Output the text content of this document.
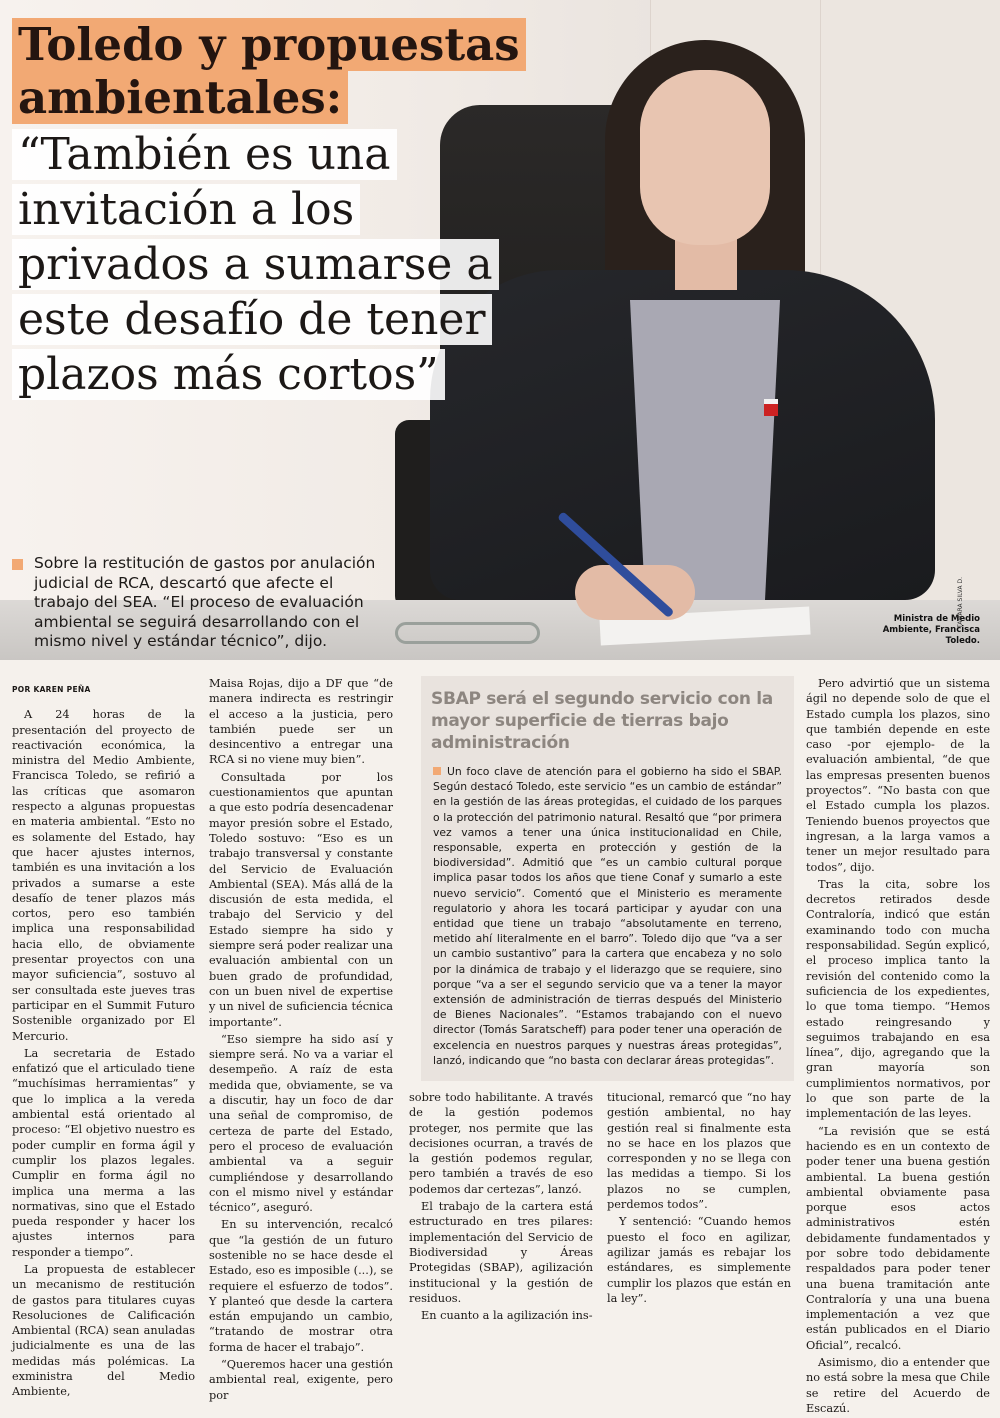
Toledo y propuestas
ambientales:
“También es una
invitación a los
privados a sumarse a
este desafío de tener
plazos más cortos”
Sobre la restitución de gastos por anulación judicial de RCA, descartó que afecte el trabajo del SEA. “El proceso de evaluación ambiental se seguirá desarrollando con el mismo nivel y estándar técnico”, dijo.
Ministra de Medio Ambiente, Francisca Toledo.
TAMARA SILVA D.

POR KAREN PEÑA

A 24 horas de la presentación del proyecto de reactivación económica, la ministra del Medio Ambiente, Francisca Toledo, se refirió a las críticas que asomaron respecto a algunas propuestas en materia ambiental. “Esto no es solamente del Estado, hay que hacer ajustes internos, también es una invitación a los privados a sumarse a este desafío de tener plazos más cortos, pero eso también implica una responsabilidad hacia ello, de obviamente presentar proyectos con una mayor suficiencia”, sostuvo al ser consultada este jueves tras participar en el Summit Futuro Sostenible organizado por El Mercurio.

La secretaria de Estado enfatizó que el articulado tiene “muchísimas herramientas” y que lo implica a la vereda ambiental está orientado al proceso: “El objetivo nuestro es poder cumplir en forma ágil y cumplir los plazos legales. Cumplir en forma ágil no implica una merma a las normativas, sino que el Estado pueda responder y hacer los ajustes internos para responder a tiempo”.

La propuesta de establecer un mecanismo de restitución de gastos para titulares cuyas Resoluciones de Calificación Ambiental (RCA) sean anuladas judicialmente es una de las medidas más polémicas. La exministra del Medio Ambiente,

Maisa Rojas, dijo a DF que “de manera indirecta es restringir el acceso a la justicia, pero también puede ser un desincentivo a entregar una RCA si no viene muy bien”.

Consultada por los cuestionamientos que apuntan a que esto podría desencadenar mayor presión sobre el Estado, Toledo sostuvo: “Eso es un trabajo transversal y constante del Servicio de Evaluación Ambiental (SEA). Más allá de la discusión de esta medida, el trabajo del Servicio y del Estado siempre ha sido y siempre será poder realizar una evaluación ambiental con un buen grado de profundidad, con un buen nivel de expertise y un nivel de suficiencia técnica importante”.

“Eso siempre ha sido así y siempre será. No va a variar el desempeño. A raíz de esta medida que, obviamente, se va a discutir, hay un foco de dar una señal de compromiso, de certeza de parte del Estado, pero el proceso de evaluación ambiental va a seguir cumpliéndose y desarrollando con el mismo nivel y estándar técnico”, aseguró.

En su intervención, recalcó que “la gestión de un futuro sostenible no se hace desde el Estado, eso es imposible (...), se requiere el esfuerzo de todos”. Y planteó que desde la cartera están empujando un cambio, “tratando de mostrar otra forma de hacer el trabajo”.

“Queremos hacer una gestión ambiental real, exigente, pero por

SBAP será el segundo servicio con la mayor superficie de tierras bajo administración
Un foco clave de atención para el gobierno ha sido el SBAP. Según destacó Toledo, este servicio “es un cambio de estándar” en la gestión de las áreas protegidas, el cuidado de los parques o la protección del patrimonio natural. Resaltó que “por primera vez vamos a tener una única institucionalidad en Chile, responsable, experta en protección y gestión de la biodiversidad”. Admitió que “es un cambio cultural porque implica pasar todos los años que tiene Conaf y sumarlo a este nuevo servicio”. Comentó que el Ministerio es meramente regulatorio y ahora les tocará participar y ayudar con una entidad que tiene un trabajo “absolutamente en terreno, metido ahí literalmente en el barro”. Toledo dijo que “va a ser un cambio sustantivo” para la cartera que encabeza y no solo por la dinámica de trabajo y el liderazgo que se requiere, sino porque “va a ser el segundo servicio que va a tener la mayor extensión de administración de tierras después del Ministerio de Bienes Nacionales”. “Estamos trabajando con el nuevo director (Tomás Saratscheff) para poder tener una operación de excelencia en nuestros parques y nuestras áreas protegidas”, lanzó, indicando que “no basta con declarar áreas protegidas”.

sobre todo habilitante. A través de la gestión podemos proteger, nos permite que las decisiones ocurran, a través de la gestión podemos regular, pero también a través de eso podemos dar certezas”, lanzó.

El trabajo de la cartera está estructurado en tres pilares: implementación del Servicio de Biodiversidad y Áreas Protegidas (SBAP), agilización institucional y la gestión de residuos.

En cuanto a la agilización ins-

titucional, remarcó que “no hay gestión ambiental, no hay gestión real si finalmente esta no se hace en los plazos que corresponden y no se llega con las medidas a tiempo. Si los plazos no se cumplen, perdemos todos”.

Y sentenció: “Cuando hemos puesto el foco en agilizar, agilizar jamás es rebajar los estándares, es simplemente cumplir los plazos que están en la ley”.

Pero advirtió que un sistema ágil no depende solo de que el Estado cumpla los plazos, sino que también depende en este caso -por ejemplo- de la evaluación ambiental, “de que las empresas presenten buenos proyectos”. “No basta con que el Estado cumpla los plazos. Teniendo buenos proyectos que ingresan, a la larga vamos a tener un mejor resultado para todos”, dijo.

Tras la cita, sobre los decretos retirados desde Contraloría, indicó que están examinando todo con mucha responsabilidad. Según explicó, el proceso implica tanto la revisión del contenido como la suficiencia de los expedientes, lo que toma tiempo. “Hemos estado reingresando y seguimos trabajando en esa línea”, dijo, agregando que la gran mayoría son cumplimientos normativos, por lo que son parte de la implementación de las leyes.

“La revisión que se está haciendo es en un contexto de poder tener una buena gestión ambiental. La buena gestión ambiental obviamente pasa porque esos actos administrativos estén debidamente fundamentados y por sobre todo debidamente respaldados para poder tener una buena tramitación ante Contraloría y una una buena implementación a vez que están publicados en el Diario Oficial”, recalcó.

Asimismo, dio a entender que no está sobre la mesa que Chile se retire del Acuerdo de Escazú.
